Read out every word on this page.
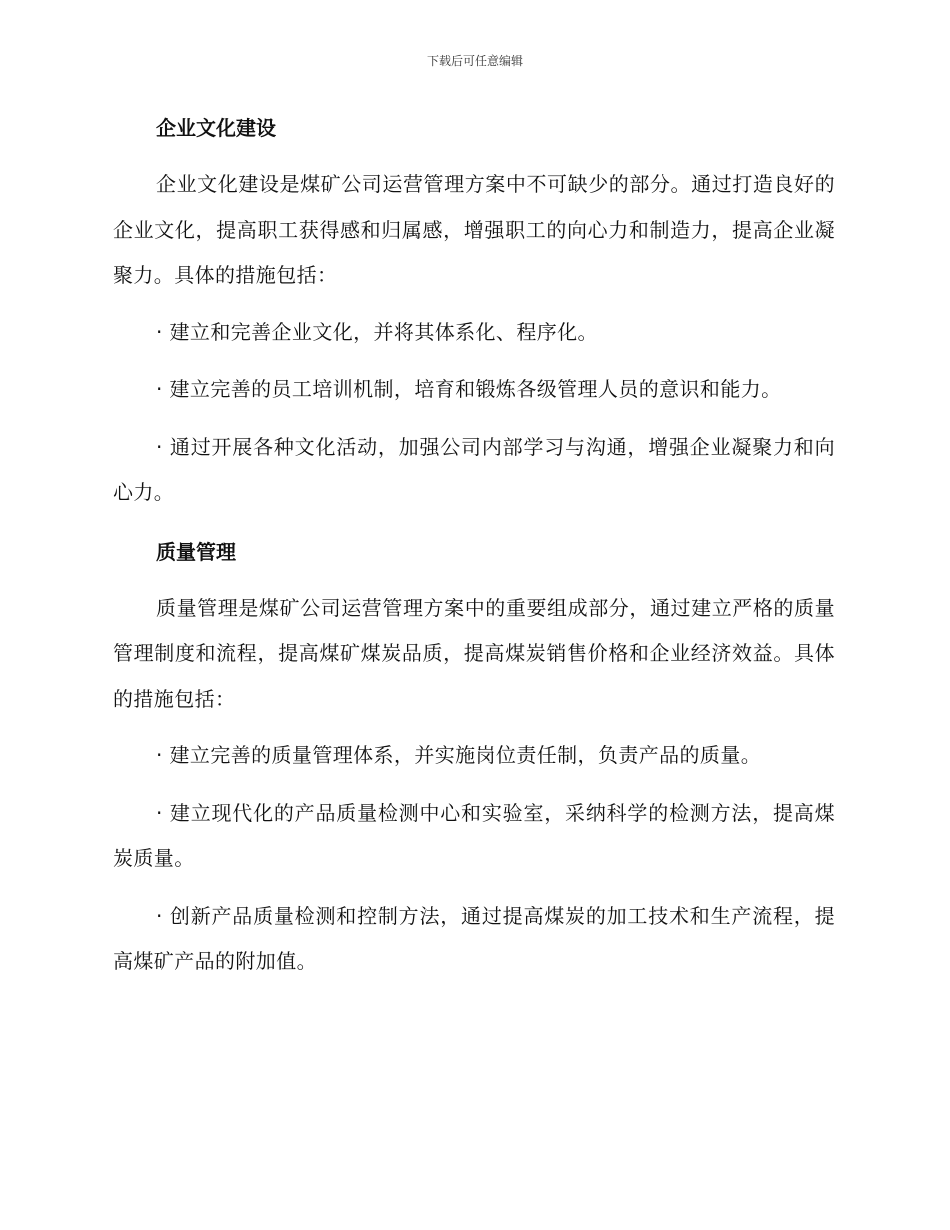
下载后可任意编辑
企业文化建设

企业文化建设是煤矿公司运营管理方案中不可缺少的部分。通过打造良好的企业文化，提高职工获得感和归属感，增强职工的向心力和制造力，提高企业凝聚力。具体的措施包括：

· 建立和完善企业文化，并将其体系化、程序化。

· 建立完善的员工培训机制，培育和锻炼各级管理人员的意识和能力。

· 通过开展各种文化活动，加强公司内部学习与沟通，增强企业凝聚力和向心力。

质量管理

质量管理是煤矿公司运营管理方案中的重要组成部分，通过建立严格的质量管理制度和流程，提高煤矿煤炭品质，提高煤炭销售价格和企业经济效益。具体的措施包括：

· 建立完善的质量管理体系，并实施岗位责任制，负责产品的质量。

· 建立现代化的产品质量检测中心和实验室，采纳科学的检测方法，提高煤炭质量。

· 创新产品质量检测和控制方法，通过提高煤炭的加工技术和生产流程，提高煤矿产品的附加值。
